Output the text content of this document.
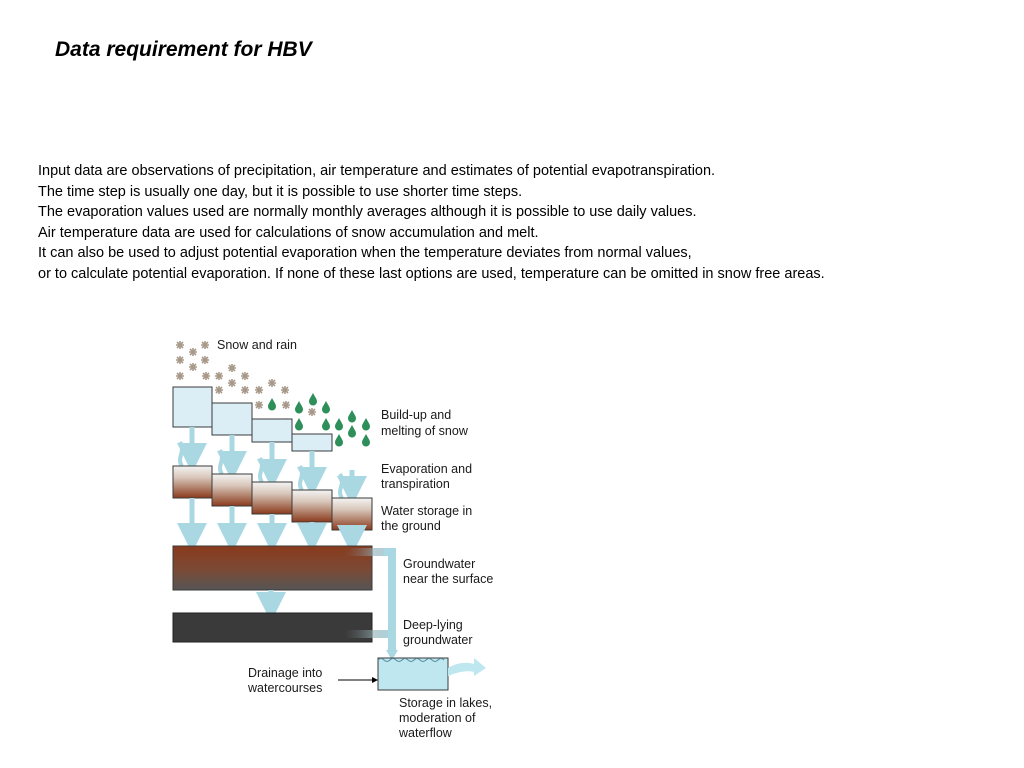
Data requirement for HBV
Input data are observations of precipitation, air temperature and estimates of potential evapotranspiration.
The time step is usually one day, but it is possible to use shorter time steps.
The evaporation values used are normally monthly averages although it is possible to use daily values.
Air temperature data are used for calculations of snow accumulation and melt.
It can also be used to adjust potential evaporation when the temperature deviates from normal values,
or to calculate potential evaporation. If none of these last options are used, temperature can be omitted in snow free areas.
Snow and rain
Build-up and
melting of snow
Evaporation and
transpiration
Water storage in
the ground
Groundwater
near the surface
Deep-lying
groundwater
Drainage into
watercourses
Storage in lakes,
moderation of
waterflow
